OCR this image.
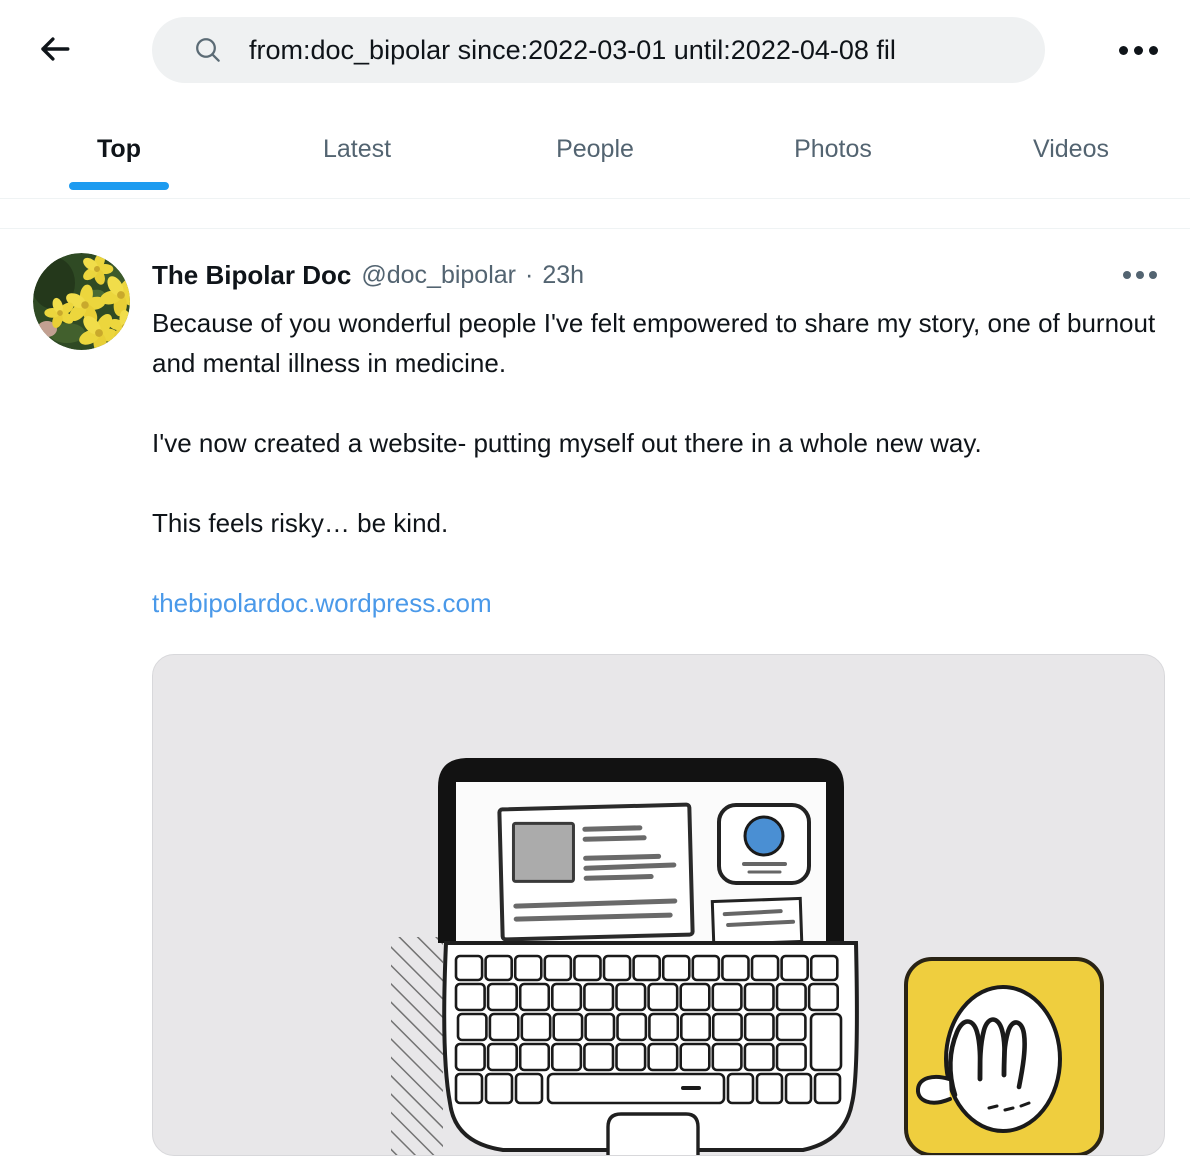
from:doc_bipolar since:2022-03-01 until:2022-04-08 fil
Top	Latest	People	Photos	Videos
The Bipolar Doc @doc_bipolar · 23h

Because of you wonderful people I've felt empowered to share my story, one of burnout and mental illness in medicine.

I've now created a website- putting myself out there in a whole new way.

This feels risky… be kind.

thebipolardoc.wordpress.com
